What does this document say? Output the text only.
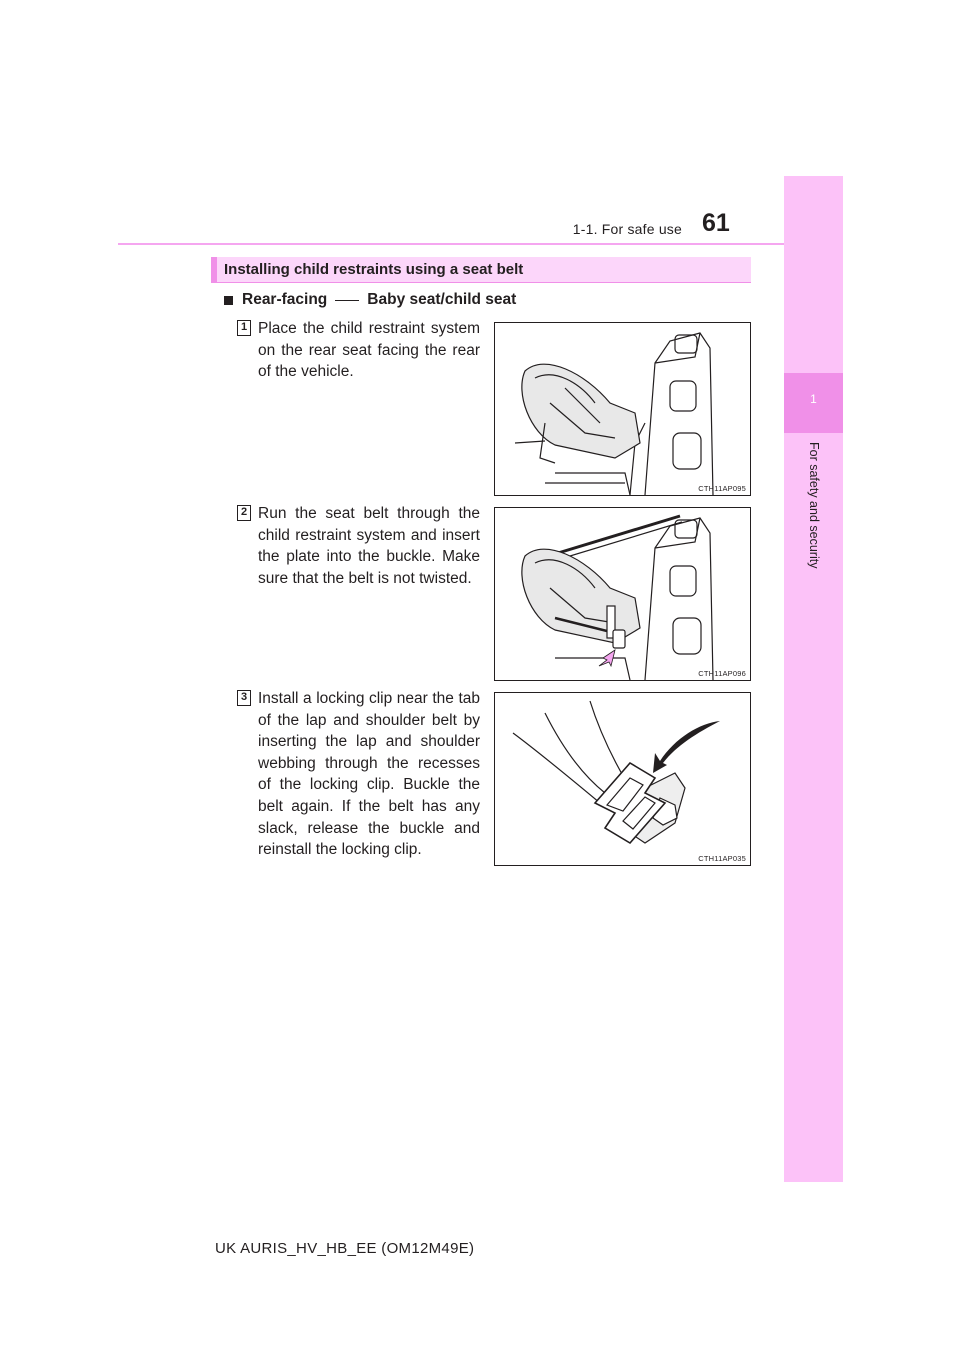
1-1. For safe use 61
1
For safety and security
Installing child restraints using a seat belt
Rear-facing	Baby seat/child seat
1 Place the child restraint system on the rear seat facing the rear of the vehicle.
CTH11AP095
2 Run the seat belt through the child restraint system and insert the plate into the buckle. Make sure that the belt is not twisted.
CTH11AP096
3 Install a locking clip near the tab of the lap and shoulder belt by inserting the lap and shoulder webbing through the recesses of the locking clip. Buckle the belt again. If the belt has any slack, release the buckle and reinstall the locking clip.
CTH11AP035
UK AURIS_HV_HB_EE (OM12M49E)
